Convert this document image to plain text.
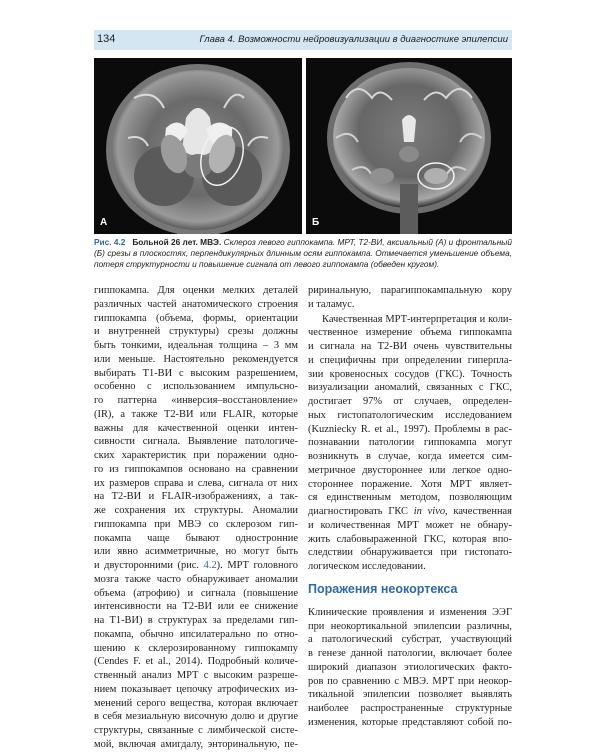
134	Глава 4. Возможности нейровизуализации в диагностике эпилепсии
А	Б
Рис. 4.2 Больной 26 лет. МВЭ. Склероз левого гиппокампа. МРТ, Т2-ВИ, аксиальный (А) и фронтальный (Б) срезы в плоскостях, перпендикулярных длинным осям гиппокампа. Отмечается уменьшение объема, потеря структурности и повышение сигнала от левого гиппокампа (обведен кругом).
гиппокампа. Для оценки мелких деталей
различных частей анатомического строения
гиппокампа (объема, формы, ориентации
и внутренней структуры) срезы должны
быть тонкими, идеальная толщина – 3 мм
или меньше. Настоятельно рекомендуется
выбирать Т1-ВИ с высоким разрешением,
особенно с использованием импульсно-
го паттерна «инверсия–восстановление»
(IR), а также Т2-ВИ или FLAIR, которые
важны для качественной оценки интен-
сивности сигнала. Выявление патологиче-
ских характеристик при поражении одно-
го из гиппокампов основано на сравнении
их размеров справа и слева, сигнала от них
на Т2-ВИ и FLAIR-изображениях, а так-
же сохранения их структуры. Аномалии
гиппокампа при МВЭ со склерозом гип-
покампа чаще бывают одностронние
или явно асимметричные, но могут быть
и двусторонними (рис. 4.2). МРТ головного
мозга также часто обнаруживает аномалии
объема (атрофию) и сигнала (повышение
интенсивности на Т2-ВИ или ее снижение
на Т1-ВИ) в структурах за пределами гип-
покампа, обычно ипсилатерально по отно-
шению к склерозированному гиппокампу
(Cendes F. et al., 2014). Подробный количе-
ственный анализ МРТ с высоким разреше-
нием показывает цепочку атрофических из-
менений серого вещества, которая включает
в себя мезиальную височную долю и другие
структуры, связанные с лимбической систе-
мой, включая амигдалу, энторинальную, пе-
риринальную, парагиппокампальную кору
и таламус.
Качественная МРТ-интерпретация и коли-
чественное измерение объема гиппокампа
и сигнала на Т2-ВИ очень чувствительны
и специфичны при определении гиперпла-
зии кровеносных сосудов (ГКС). Точность
визуализации аномалий, связанных с ГКС,
достигает 97% от случаев, определен-
ных гистопатологическим исследованием
(Kuzniecky R. et al., 1997). Проблемы в рас-
познавании патологии гиппокампа могут
возникнуть в случае, когда имеется сим-
метричное двустороннее или легкое одно-
стороннее поражение. Хотя МРТ являет-
ся единственным методом, позволяющим
диагностировать ГКС in vivo, качественная
и количественная МРТ может не обнару-
жить слабовыраженной ГКС, которая впо-
следствии обнаруживается при гистопато-
логическом исследовании.
Поражения неокортекса
Клинические проявления и изменения ЭЭГ
при неокортикальной эпилепсии различны,
а патологический субстрат, участвующий
в генезе данной патологии, включает более
широкий диапазон этиологических факто-
ров по сравнению с МВЭ. МРТ при неокор-
тикальной эпилепсии позволяет выявлять
наиболее распространенные структурные
изменения, которые представляют собой по-
